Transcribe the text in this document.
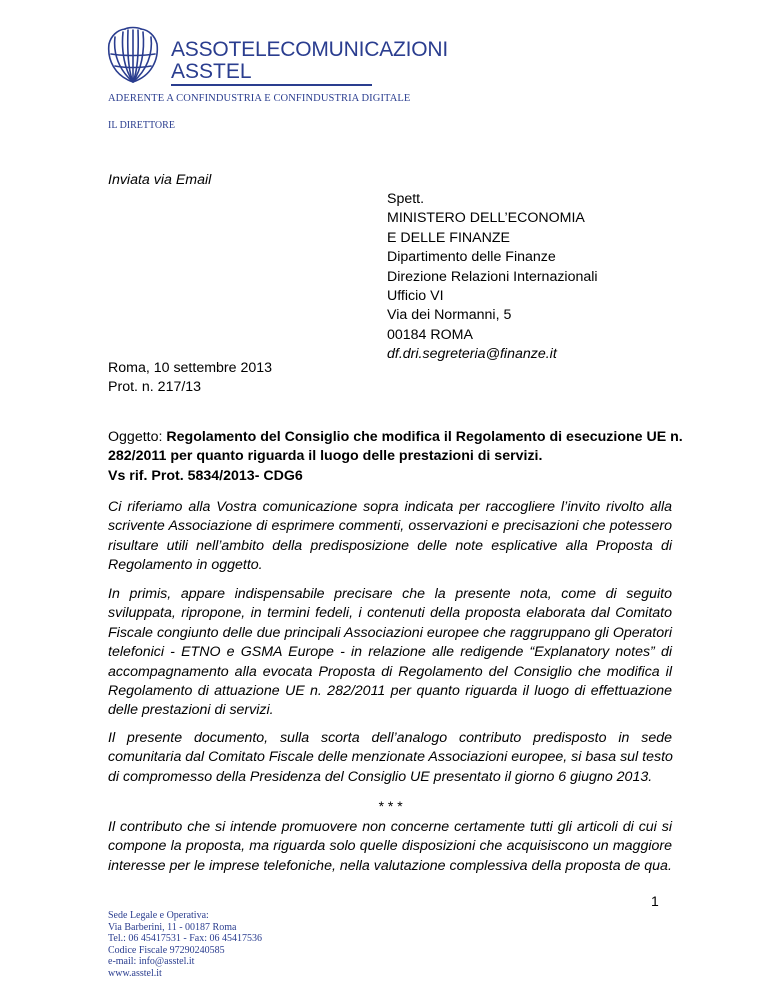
ASSOTELECOMUNICAZIONI
ASSTEL
ADERENTE A CONFINDUSTRIA E CONFINDUSTRIA DIGITALE
IL DIRETTORE
Inviata via Email
Spett.
MINISTERO DELL’ECONOMIA
E DELLE FINANZE
Dipartimento delle Finanze
Direzione Relazioni Internazionali
Ufficio VI
Via dei Normanni, 5
00184 ROMA
df.dri.segreteria@finanze.it
Roma, 10 settembre 2013
Prot. n. 217/13
Oggetto:
Regolamento del Consiglio che modifica il Regolamento di esecuzione UE n.
282/2011 per quanto riguarda il luogo delle prestazioni di servizi.
Vs rif. Prot. 5834/2013- CDG6
Ci riferiamo alla Vostra comunicazione sopra indicata per raccogliere l’invito rivolto alla
scrivente Associazione di esprimere commenti, osservazioni e precisazioni che potessero
risultare utili nell’ambito della predisposizione delle note esplicative alla Proposta di
Regolamento in oggetto.
In primis, appare indispensabile precisare che la presente nota, come di seguito
sviluppata, ripropone, in termini fedeli, i contenuti della proposta elaborata dal Comitato
Fiscale congiunto delle due principali Associazioni europee che raggruppano gli Operatori
telefonici - ETNO e GSMA Europe - in relazione alle redigende “Explanatory notes” di
accompagnamento alla evocata Proposta di Regolamento del Consiglio che modifica il
Regolamento di attuazione UE n. 282/2011 per quanto riguarda il luogo di effettuazione
delle prestazioni di servizi.
Il presente documento, sulla scorta dell’analogo contributo predisposto in sede
comunitaria dal Comitato Fiscale delle menzionate Associazioni europee, si basa sul testo
di compromesso della Presidenza del Consiglio UE presentato il giorno 6 giugno 2013.
* * *
Il contributo che si intende promuovere non concerne certamente tutti gli articoli di cui si
compone la proposta, ma riguarda solo quelle disposizioni che acquisiscono un maggiore
interesse per le imprese telefoniche, nella valutazione complessiva della proposta de qua.
1
Sede Legale e Operativa:
Via Barberini, 11 - 00187 Roma
Tel.: 06 45417531 - Fax: 06 45417536
Codice Fiscale 97290240585
e-mail: info@asstel.it
www.asstel.it
